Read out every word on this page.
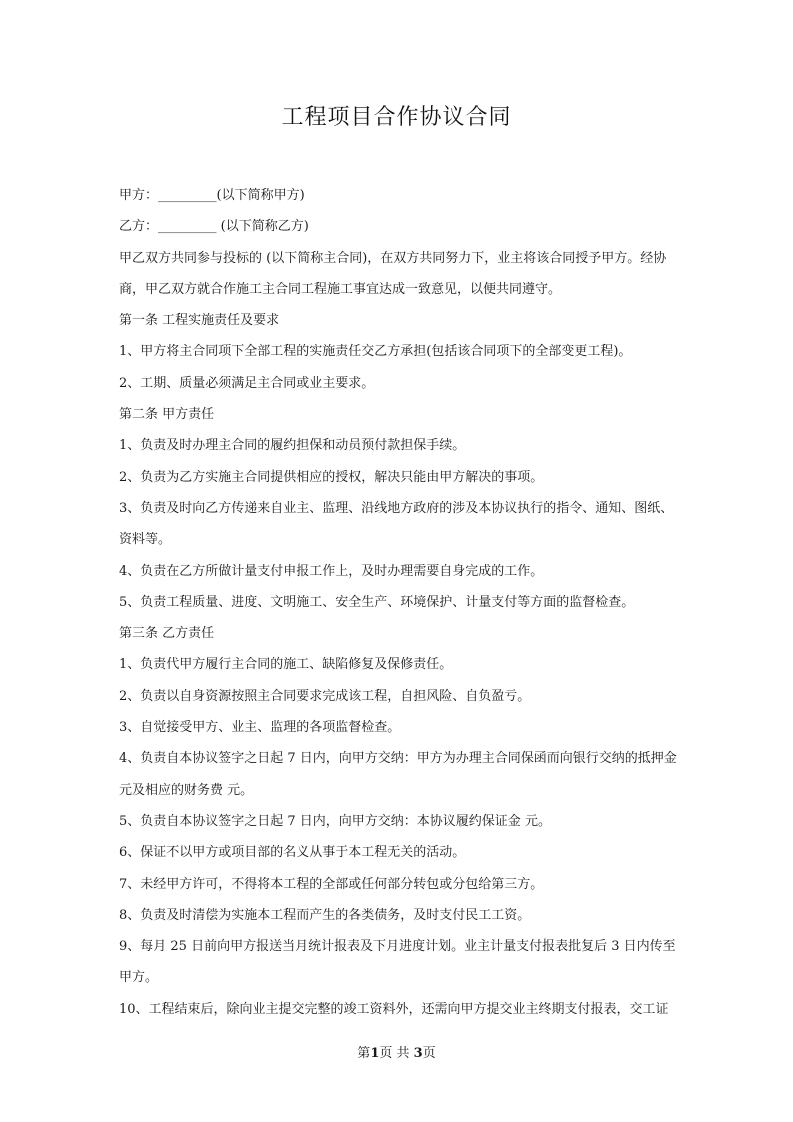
工程项目合作协议合同

甲方：_________(以下简称甲方)

乙方：_________ (以下简称乙方)

甲乙双方共同参与投标的 (以下简称主合同)，在双方共同努力下，业主将该合同授予甲方。经协商，甲乙双方就合作施工主合同工程施工事宜达成一致意见，以便共同遵守。

第一条 工程实施责任及要求

1、甲方将主合同项下全部工程的实施责任交乙方承担(包括该合同项下的全部变更工程)。

2、工期、质量必须满足主合同或业主要求。

第二条 甲方责任

1、负责及时办理主合同的履约担保和动员预付款担保手续。

2、负责为乙方实施主合同提供相应的授权，解决只能由甲方解决的事项。

3、负责及时向乙方传递来自业主、监理、沿线地方政府的涉及本协议执行的指令、通知、图纸、资料等。

4、负责在乙方所做计量支付申报工作上，及时办理需要自身完成的工作。

5、负责工程质量、进度、文明施工、安全生产、环境保护、计量支付等方面的监督检查。

第三条 乙方责任

1、负责代甲方履行主合同的施工、缺陷修复及保修责任。

2、负责以自身资源按照主合同要求完成该工程，自担风险、自负盈亏。

3、自觉接受甲方、业主、监理的各项监督检查。

4、负责自本协议签字之日起 7 日内，向甲方交纳：甲方为办理主合同保函而向银行交纳的抵押金 元及相应的财务费 元。

5、负责自本协议签字之日起 7 日内，向甲方交纳：本协议履约保证金 元。

6、保证不以甲方或项目部的名义从事于本工程无关的活动。

7、未经甲方许可，不得将本工程的全部或任何部分转包或分包给第三方。

8、负责及时清偿为实施本工程而产生的各类债务，及时支付民工工资。

9、每月 25 日前向甲方报送当月统计报表及下月进度计划。业主计量支付报表批复后 3 日内传至甲方。

10、工程结束后，除向业主提交完整的竣工资料外，还需向甲方提交业主终期支付报表，交工证

第1页 共 3页
